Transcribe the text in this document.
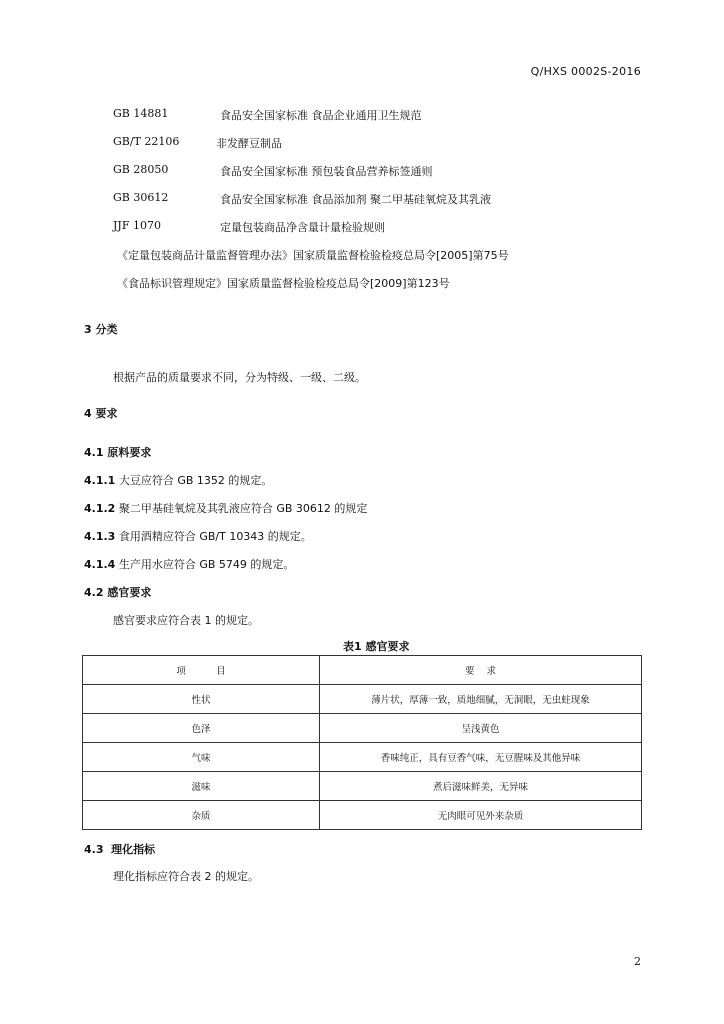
Q/HXS 0002S-2016
GB 14881	食品安全国家标准 食品企业通用卫生规范
GB/T 22106	非发酵豆制品
GB 28050	食品安全国家标准 预包装食品营养标签通则
GB 30612	食品安全国家标准 食品添加剂 聚二甲基硅氧烷及其乳液
JJF 1070	定量包装商品净含量计量检验规则
《定量包装商品计量监督管理办法》国家质量监督检验检疫总局令[2005]第75号
《食品标识管理规定》国家质量监督检验检疫总局令[2009]第123号
3 分类
根据产品的质量要求不同，分为特级、一级、二级。
4 要求
4.1 原料要求
4.1.1 大豆应符合 GB 1352 的规定。
4.1.2 聚二甲基硅氧烷及其乳液应符合 GB 30612 的规定
4.1.3 食用酒精应符合 GB/T 10343 的规定。
4.1.4 生产用水应符合 GB 5749 的规定。
4.2 感官要求
感官要求应符合表 1 的规定。
表1 感官要求
项          目	要    求
性状	薄片状，厚薄一致，质地细腻，无洞眼，无虫蛀现象
色泽	呈浅黄色
气味	香味纯正，具有豆香气味，无豆腥味及其他异味
滋味	煮后滋味鲜美，无异味
杂质	无肉眼可见外来杂质
4.3  理化指标
理化指标应符合表 2 的规定。
2
